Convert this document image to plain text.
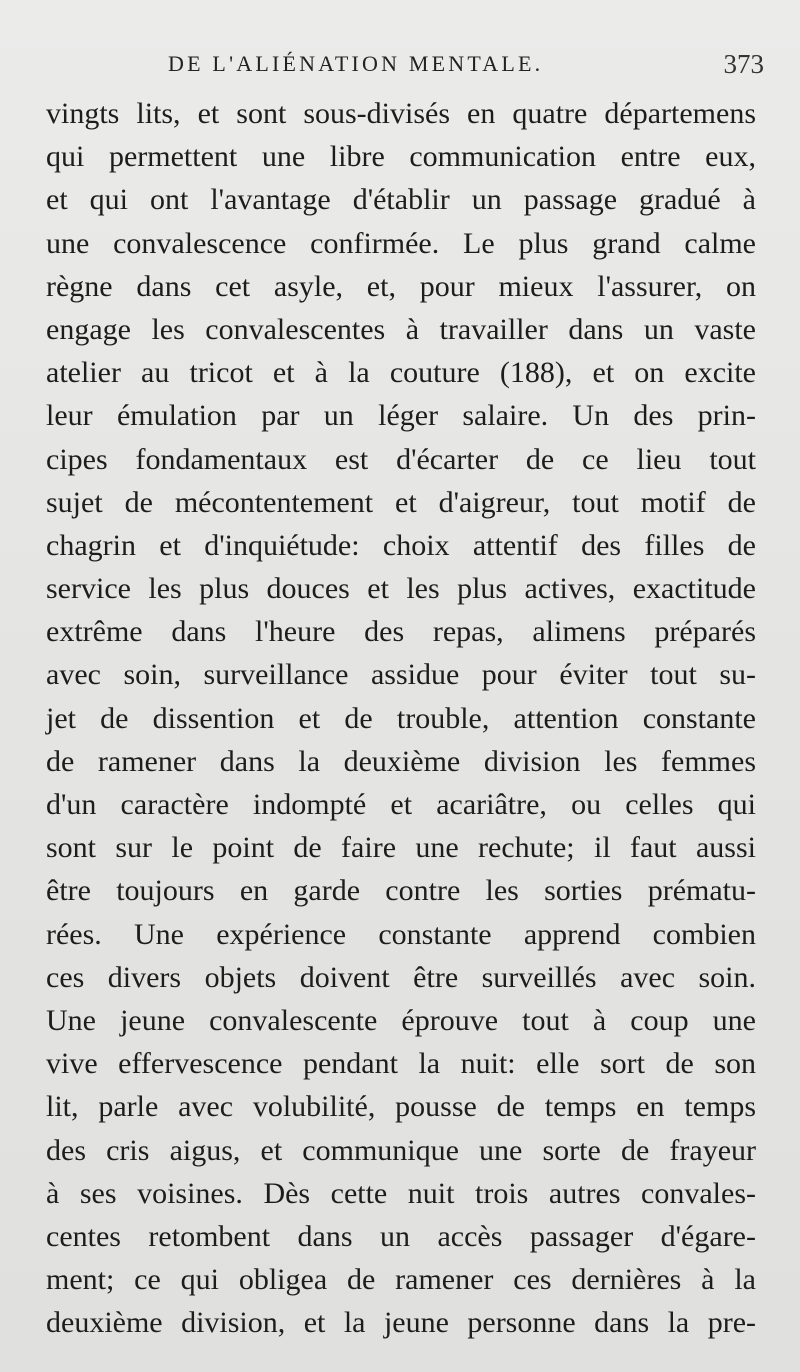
DE L'ALIÉNATION MENTALE.	373
vingts lits, et sont sous-divisés en quatre départemens
qui permettent une libre communication entre eux,
et qui ont l'avantage d'établir un passage gradué à
une convalescence confirmée. Le plus grand calme
règne dans cet asyle, et, pour mieux l'assurer, on
engage les convalescentes à travailler dans un vaste
atelier au tricot et à la couture (188), et on excite
leur émulation par un léger salaire. Un des prin-
cipes fondamentaux est d'écarter de ce lieu tout
sujet de mécontentement et d'aigreur, tout motif de
chagrin et d'inquiétude: choix attentif des filles de
service les plus douces et les plus actives, exactitude
extrême dans l'heure des repas, alimens préparés
avec soin, surveillance assidue pour éviter tout su-
jet de dissention et de trouble, attention constante
de ramener dans la deuxième division les femmes
d'un caractère indompté et acariâtre, ou celles qui
sont sur le point de faire une rechute; il faut aussi
être toujours en garde contre les sorties prématu-
rées. Une expérience constante apprend combien
ces divers objets doivent être surveillés avec soin.
Une jeune convalescente éprouve tout à coup une
vive effervescence pendant la nuit: elle sort de son
lit, parle avec volubilité, pousse de temps en temps
des cris aigus, et communique une sorte de frayeur
à ses voisines. Dès cette nuit trois autres convales-
centes retombent dans un accès passager d'égare-
ment; ce qui obligea de ramener ces dernières à la
deuxième division, et la jeune personne dans la pre-
